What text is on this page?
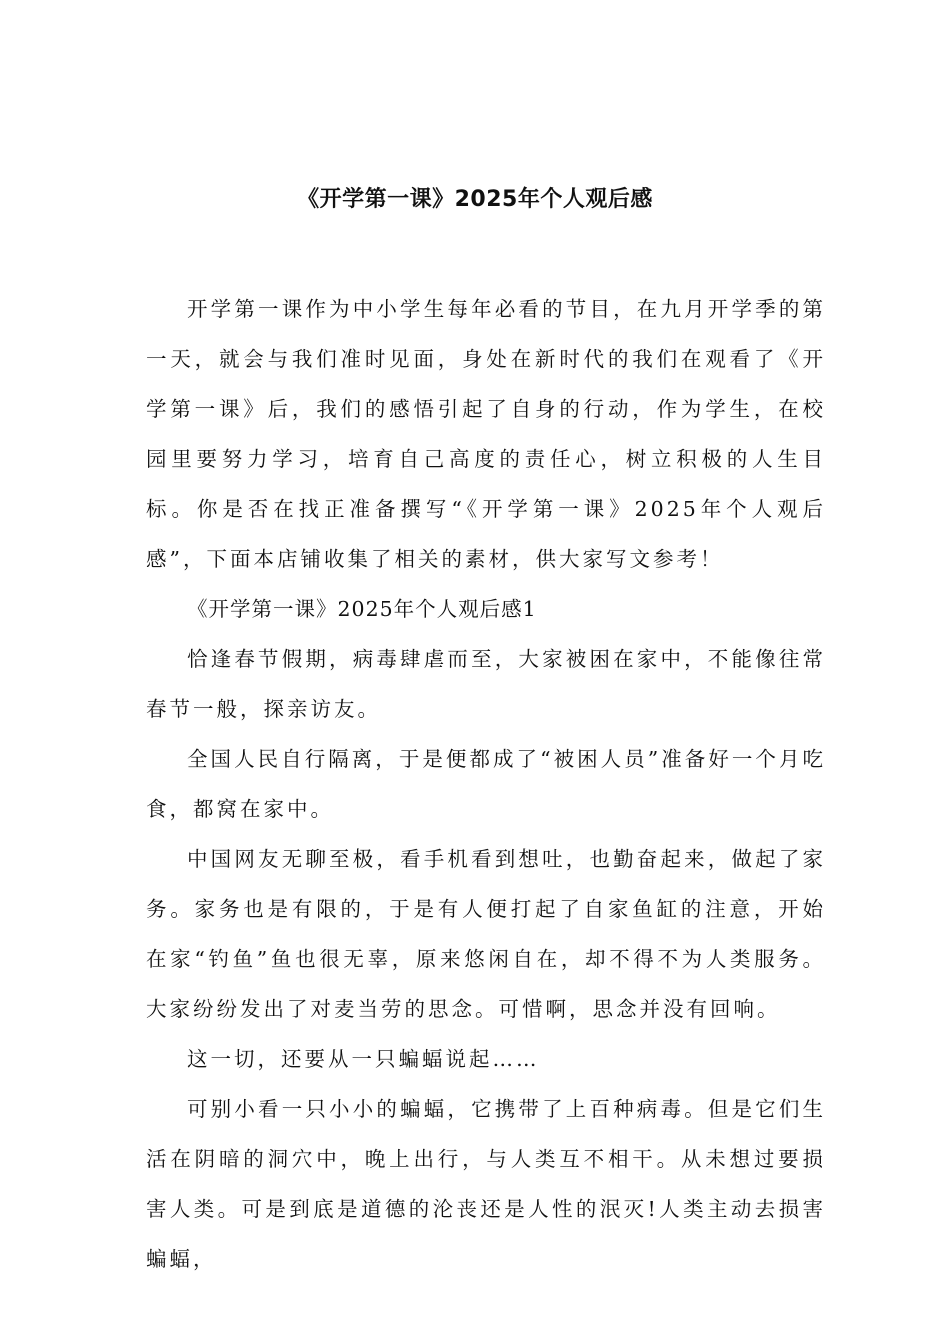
《开学第一课》2025年个人观后感

开学第一课作为中小学生每年必看的节目，在九月开学季的第一天，就会与我们准时见面，身处在新时代的我们在观看了《开学第一课》后，我们的感悟引起了自身的行动，作为学生，在校园里要努力学习，培育自己高度的责任心，树立积极的人生目标。你是否在找正准备撰写“《开学第一课》2025年个人观后感”，下面本店铺收集了相关的素材，供大家写文参考！

《开学第一课》2025年个人观后感1

恰逢春节假期，病毒肆虐而至，大家被困在家中，不能像往常春节一般，探亲访友。

全国人民自行隔离，于是便都成了“被困人员”准备好一个月吃食，都窝在家中。

中国网友无聊至极，看手机看到想吐，也勤奋起来，做起了家务。家务也是有限的，于是有人便打起了自家鱼缸的注意，开始在家“钓鱼”鱼也很无辜，原来悠闲自在，却不得不为人类服务。大家纷纷发出了对麦当劳的思念。可惜啊，思念并没有回响。

这一切，还要从一只蝙蝠说起……

可别小看一只小小的蝙蝠，它携带了上百种病毒。但是它们生活在阴暗的洞穴中，晚上出行，与人类互不相干。从未想过要损害人类。可是到底是道德的沦丧还是人性的泯灭!人类主动去损害蝙蝠，
